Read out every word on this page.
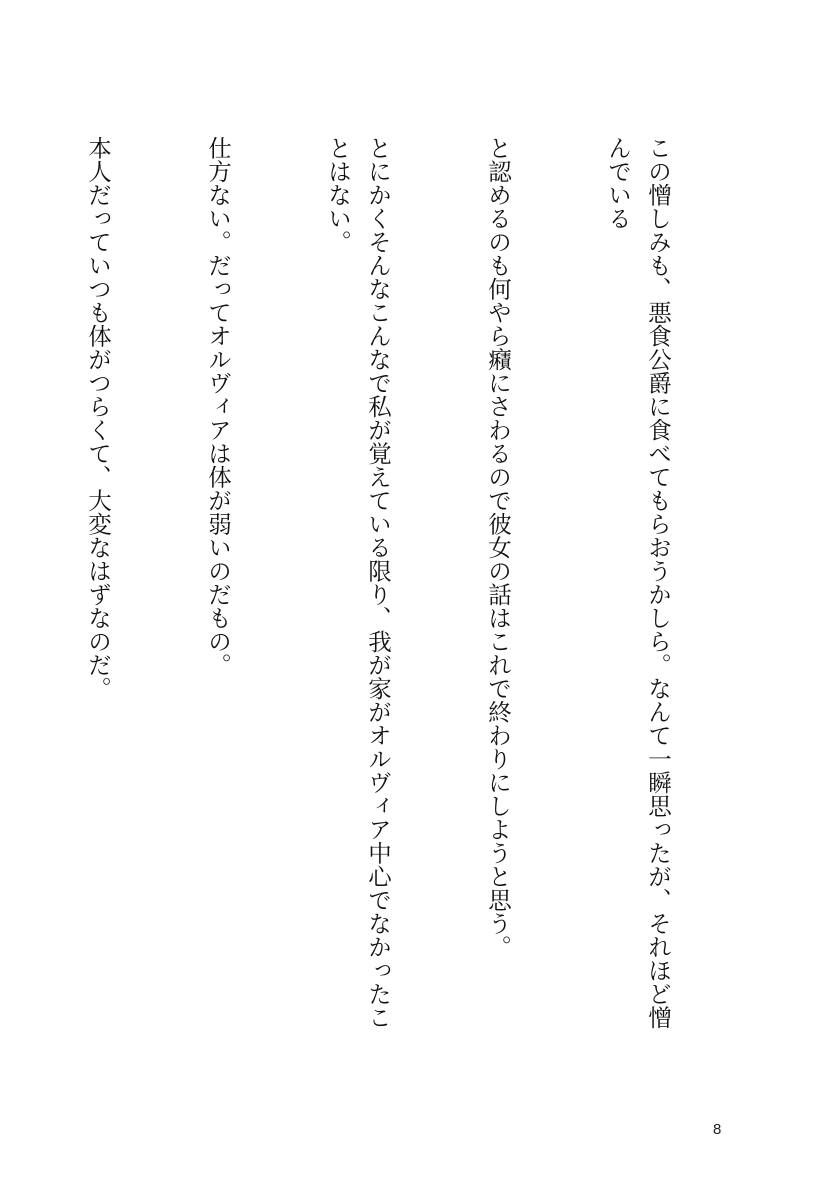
この憎しみも、悪食公爵に食べてもらおうかしら。なんて一瞬思ったが、それほど憎んでいる

と認めるのも何やら癪にさわるので彼女の話はこれで終わりにしようと思う。

とにかくそんなこんなで私が覚えている限り、我が家がオルヴィア中心でなかったことはない。

仕方ない。だってオルヴィアは体が弱いのだもの。

本人だっていつも体がつらくて、大変なはずなのだ。

8
